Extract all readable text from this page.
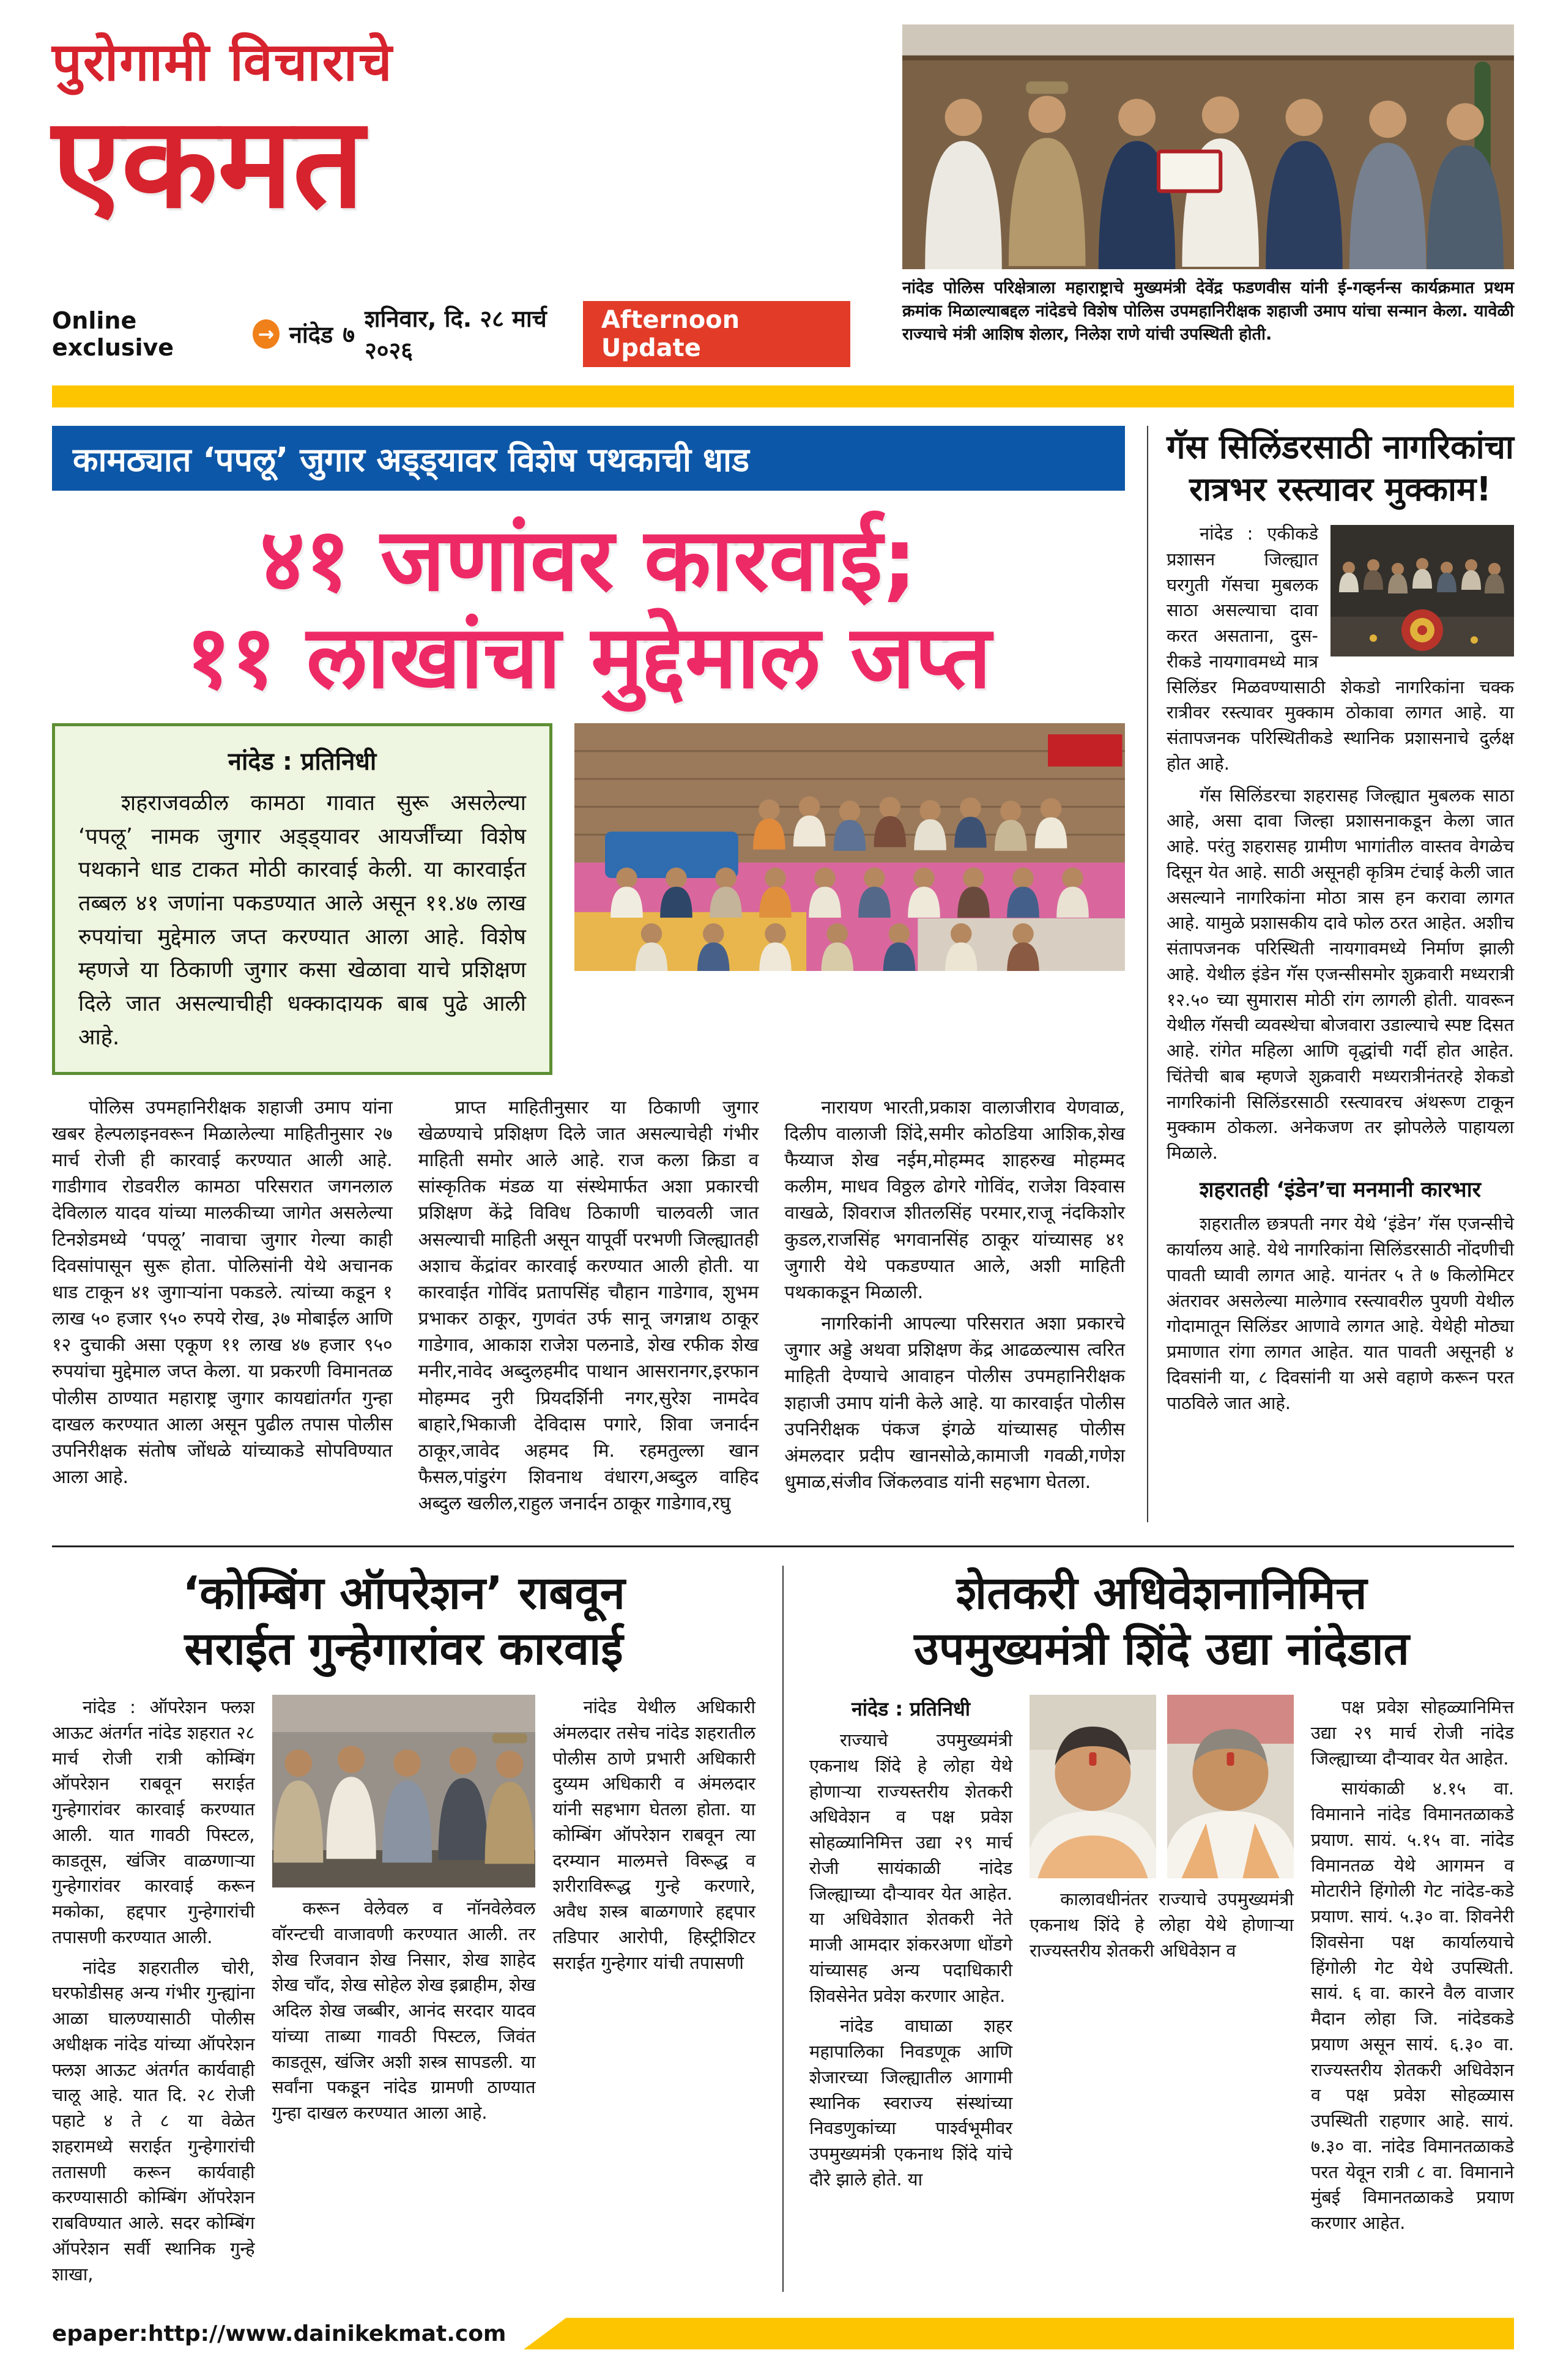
पुरोगामी विचाराचे
एकमत
Online exclusive	→ नांदेड ७
शनिवार, दि. २८ मार्च २०२६
Afternoon Update

नांदेड पोलिस परिक्षेत्राला महाराष्ट्राचे मुख्यमंत्री देवेंद्र फडणवीस यांनी ई-गव्हर्नन्स कार्यक्रमात प्रथम क्रमांक मिळाल्याबद्दल नांदेडचे विशेष पोलिस उपमहानिरीक्षक शहाजी उमाप यांचा सन्मान केला. यावेळी राज्याचे मंत्री आशिष शेलार, निलेश राणे यांची उपस्थिती होती.

कामठ्यात ‘पपलू’ जुगार अड्ड्यावर विशेष पथकाची धाड
४१ जणांवर कारवाई;
११ लाखांचा मुद्देमाल जप्त
नांदेड : प्रतिनिधी

शहराजवळील कामठा गावात सुरू असलेल्या ‘पपलू’ नामक जुगार अड्ड्यावर आयर्जींच्या विशेष पथकाने धाड टाकत मोठी कारवाई केली. या कारवाईत तब्बल ४१ जणांना पकडण्यात आले असून ११.४७ लाख रुपयांचा मुद्देमाल जप्त करण्यात आला आहे. विशेष म्हणजे या ठिकाणी जुगार कसा खेळावा याचे प्रशिक्षण दिले जात असल्याचीही धक्कादायक बाब पुढे आली आहे.

पोलिस उपमहानिरीक्षक शहाजी उमाप यांना खबर हेल्पलाइनवरून मिळालेल्या माहितीनुसार २७ मार्च रोजी ही कारवाई करण्यात आली आहे. गाडीगाव रोडवरील कामठा परिसरात जगनलाल देविलाल यादव यांच्या मालकीच्या जागेत असलेल्या टिनशेडमध्ये ‘पपलू’ नावाचा जुगार गेल्या काही दिवसांपासून सुरू होता. पोलिसांनी येथे अचानक धाड टाकून ४१ जुगाऱ्यांना पकडले. त्यांच्या कडून १ लाख ५० हजार ९५० रुपये रोख, ३७ मोबाईल आणि १२ दुचाकी असा एकूण ११ लाख ४७ हजार ९५० रुपयांचा मुद्देमाल जप्त केला. या प्रकरणी विमानतळ पोलीस ठाण्यात महाराष्ट्र जुगार कायद्यांतर्गत गुन्हा दाखल करण्यात आला असून पुढील तपास पोलीस उपनिरीक्षक संतोष जोंधळे यांच्याकडे सोपविण्यात आला आहे.

प्राप्त माहितीनुसार या ठिकाणी जुगार खेळण्याचे प्रशिक्षण दिले जात असल्याचेही गंभीर माहिती समोर आले आहे. राज कला क्रिडा व सांस्कृतिक मंडळ या संस्थेमार्फत अशा प्रकारची प्रशिक्षण केंद्रे विविध ठिकाणी चालवली जात असल्याची माहिती असून यापूर्वी परभणी जिल्ह्यातही अशाच केंद्रांवर कारवाई करण्यात आली होती. या कारवाईत गोविंद प्रतापसिंह चौहान गाडेगाव, शुभम प्रभाकर ठाकूर, गुणवंत उर्फ सानू जगन्नाथ ठाकूर गाडेगाव, आकाश राजेश पलनाडे, शेख रफीक शेख मनीर,नावेद अब्दुलहमीद पाथान आसरानगर,इरफान मोहम्मद नुरी प्रियदर्शिनी नगर,सुरेश नामदेव बाहारे,भिकाजी देविदास पगारे, शिवा जनार्दन ठाकूर,जावेद अहमद मि. रहमतुल्ला खान फैसल,पांडुरंग शिवनाथ वंधारग,अब्दुल वाहिद अब्दुल खलील,राहुल जनार्दन ठाकूर गाडेगाव,रघु

नारायण भारती,प्रकाश वालाजीराव येणवाळ, दिलीप वालाजी शिंदे,समीर कोठडिया आशिक,शेख फैय्याज शेख नईम,मोहम्मद शाहरुख मोहम्मद कलीम, माधव विठ्ठल ढोगरे गोविंद, राजेश विश्वास वाखळे, शिवराज शीतलसिंह परमार,राजू नंदकिशोर कुडल,राजसिंह भगवानसिंह ठाकूर यांच्यासह ४१ जुगारी येथे पकडण्यात आले, अशी माहिती पथकाकडून मिळाली.

नागरिकांनी आपल्या परिसरात अशा प्रकारचे जुगार अड्डे अथवा प्रशिक्षण केंद्र आढळल्यास त्वरित माहिती देण्याचे आवाहन पोलीस उपमहानिरीक्षक शहाजी उमाप यांनी केले आहे. या कारवाईत पोलीस उपनिरीक्षक पंकज इंगळे यांच्यासह पोलीस अंमलदार प्रदीप खानसोळे,कामाजी गवळी,गणेश धुमाळ,संजीव जिंकलवाड यांनी सहभाग घेतला.

गॅस सिलिंडरसाठी नागरिकांचा
रात्रभर रस्त्यावर मुक्काम!

नांदेड : एकीकडे प्रशासन जिल्ह्यात घरगुती गॅसचा मुबलक साठा असल्याचा दावा करत असताना, दुस-रीकडे नायगावमध्ये मात्र सिलिंडर मिळवण्यासाठी शेकडो नागरिकांना चक्क रात्रीवर रस्त्यावर मुक्काम ठोकावा लागत आहे. या संतापजनक परिस्थितीकडे स्थानिक प्रशासनाचे दुर्लक्ष होत आहे.

गॅस सिलिंडरचा शहरासह जिल्ह्यात मुबलक साठा आहे, असा दावा जिल्हा प्रशासनाकडून केला जात आहे. परंतु शहरासह ग्रामीण भागांतील वास्तव वेगळेच दिसून येत आहे. साठी असूनही कृत्रिम टंचाई केली जात असल्याने नागरिकांना मोठा त्रास हन करावा लागत आहे. यामुळे प्रशासकीय दावे फोल ठरत आहेत. अशीच संतापजनक परिस्थिती नायगावमध्ये निर्माण झाली आहे. येथील इंडेन गॅस एजन्सीसमोर शुक्रवारी मध्यरात्री १२.५० च्या सुमारास मोठी रांग लागली होती. यावरून येथील गॅसची व्यवस्थेचा बोजवारा उडाल्याचे स्पष्ट दिसत आहे. रांगेत महिला आणि वृद्धांची गर्दी होत आहेत. चिंतेची बाब म्हणजे शुक्रवारी मध्यरात्रीनंतरहे शेकडो नागरिकांनी सिलिंडरसाठी रस्त्यावरच अंथरूण टाकून मुक्काम ठोकला. अनेकजण तर झोपलेले पाहायला मिळाले.

शहरातही ‘इंडेन’चा मनमानी कारभार

शहरातील छत्रपती नगर येथे ‘इंडेन’ गॅस एजन्सीचे कार्यालय आहे. येथे नागरिकांना सिलिंडरसाठी नोंदणीची पावती घ्यावी लागत आहे. यानंतर ५ ते ७ किलोमिटर अंतरावर असलेल्या मालेगाव रस्त्यावरील पुयणी येथील गोदामातून सिलिंडर आणावे लागत आहे. येथेही मोठ्या प्रमाणात रांगा लागत आहेत. यात पावती असूनही ४ दिवसांनी या, ८ दिवसांनी या असे वहाणे करून परत पाठविले जात आहे.

‘कोम्बिंग ऑपरेशन’ राबवून
सराईत गुन्हेगारांवर कारवाई

नांदेड : ऑपरेशन फ्लश आऊट अंतर्गत नांदेड शहरात २८ मार्च रोजी रात्री कोम्बिंग ऑपरेशन राबवून सराईत गुन्हेगारांवर कारवाई करण्यात आली. यात गावठी पिस्टल, काडतूस, खंजिर वाळग्णाऱ्या गुन्हेगारांवर कारवाई करून मकोका, हद्दपार गुन्हेगारांची तपासणी करण्यात आली.

नांदेड शहरातील चोरी, घरफोडीसह अन्य गंभीर गुन्ह्यांना आळा घालण्यासाठी पोलीस अधीक्षक नांदेड यांच्या ऑपरेशन फ्लश आऊट अंतर्गत कार्यवाही चालू आहे. यात दि. २८ रोजी पहाटे ४ ते ८ या वेळेत शहरामध्ये सराईत गुन्हेगारांची ततासणी करून कार्यवाही करण्यासाठी कोम्बिंग ऑपरेशन राबविण्यात आले. सदर कोम्बिंग ऑपरेशन सर्वी स्थानिक गुन्हे शाखा,

करून वेलेवल व नॉनवेलेवल वॉरन्टची वाजावणी करण्यात आली. तर शेख रिजवान शेख निसार, शेख शाहेद शेख चाँद, शेख सोहेल शेख इब्राहीम, शेख अदिल शेख जब्बीर, आनंद सरदार यादव यांच्या ताब्या गावठी पिस्टल, जिवंत काडतूस, खंजिर अशी शस्त्र सापडली. या सर्वांना पकडून नांदेड ग्रामणी ठाण्यात गुन्हा दाखल करण्यात आला आहे.

नांदेड येथील अधिकारी अंमलदार तसेच नांदेड शहरातील पोलीस ठाणे प्रभारी अधिकारी दुय्यम अधिकारी व अंमलदार यांनी सहभाग घेतला होता. या कोम्बिंग ऑपरेशन राबवून त्या दरम्यान मालमत्ते विरूद्ध व शरीराविरूद्ध गुन्हे करणारे, अवैध शस्त्र बाळगणारे हद्दपार तडिपार आरोपी, हिस्ट्रीशिटर सराईत गुन्हेगार यांची तपासणी

शेतकरी अधिवेशनानिमित्त
उपमुख्यमंत्री शिंदे उद्या नांदेडात
नांदेड : प्रतिनिधी

राज्याचे उपमुख्यमंत्री एकनाथ शिंदे हे लोहा येथे होणाऱ्या राज्यस्तरीय शेतकरी अधिवेशन व पक्ष प्रवेश सोहळ्यानिमित्त उद्या २९ मार्च रोजी सायंकाळी नांदेड जिल्ह्याच्या दौऱ्यावर येत आहेत. या अधिवेशात शेतकरी नेते माजी आमदार शंकरअणा धोंडगे यांच्यासह अन्य पदाधिकारी शिवसेनेत प्रवेश करणार आहेत.

नांदेड वाघाळा शहर महापालिका निवडणूक आणि शेजारच्या जिल्ह्यातील आगामी स्थानिक स्वराज्य संस्थांच्या निवडणुकांच्या पार्श्वभूमीवर उपमुख्यमंत्री एकनाथ शिंदे यांचे दौरे झाले होते. या

कालावधीनंतर राज्याचे उपमुख्यमंत्री एकनाथ शिंदे हे लोहा येथे होणाऱ्या राज्यस्तरीय शेतकरी अधिवेशन व

पक्ष प्रवेश सोहळ्यानिमित्त उद्या २९ मार्च रोजी नांदेड जिल्ह्याच्या दौऱ्यावर येत आहेत.

सायंकाळी ४.१५ वा. विमानाने नांदेड विमानतळाकडे प्रयाण. सायं. ५.१५ वा. नांदेड विमानतळ येथे आगमन व मोटारीने हिंगोली गेट नांदेड-कडे प्रयाण. सायं. ५.३० वा. शिवनेरी शिवसेना पक्ष कार्यालयाचे हिंगोली गेट येथे उपस्थिती. सायं. ६ वा. कारने वैल वाजार मैदान लोहा जि. नांदेडकडे प्रयाण असून सायं. ६.३० वा. राज्यस्तरीय शेतकरी अधिवेशन व पक्ष प्रवेश सोहळ्यास उपस्थिती राहणार आहे. सायं. ७.३० वा. नांदेड विमानतळाकडे परत येवून रात्री ८ वा. विमानाने मुंबई विमानतळाकडे प्रयाण करणार आहेत.

epaper:http://www.dainikekmat.com
